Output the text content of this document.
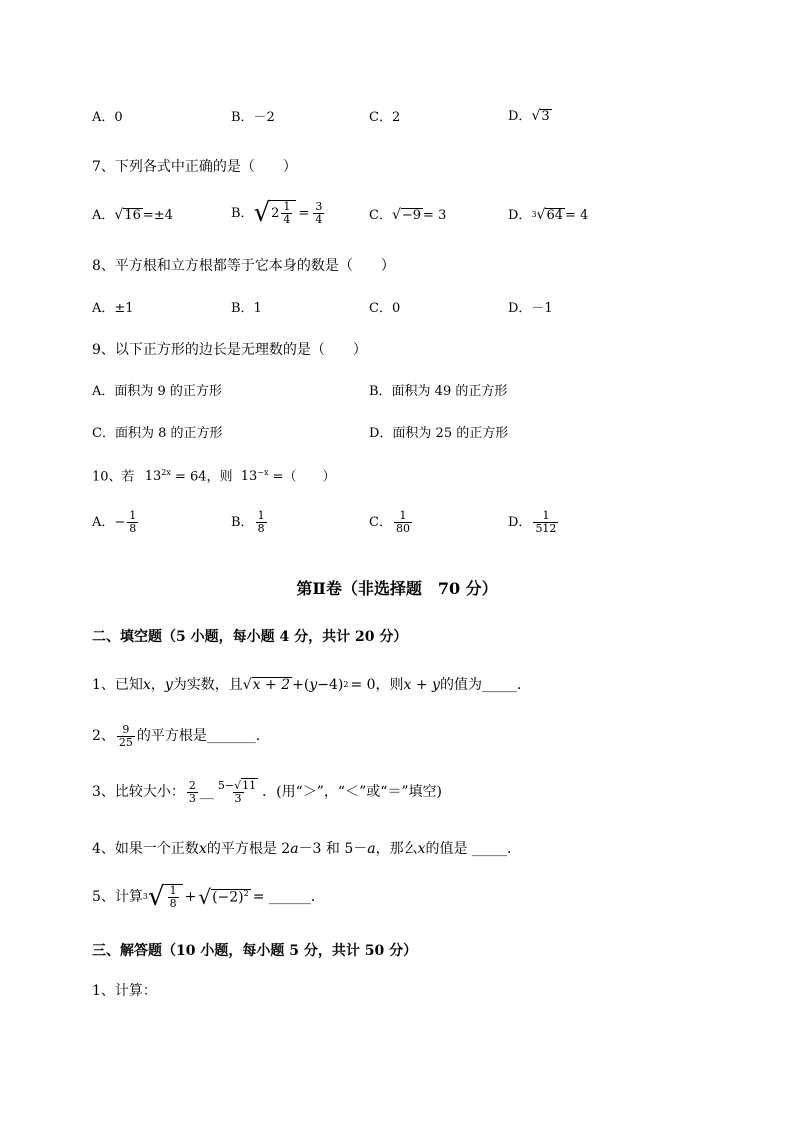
A．0	B．－2	C．2	D． √ 3
7、下列各式中正确的是（　　）
A． √ 16 =±4	B． √ $2 \frac{1}{4} = \frac{3}{4}$	C． √ −9 = 3	D． 3 √ 64 = 4
8、平方根和立方根都等于它本身的数是（　　）
A．±1	B．1	C．0	D．－1
9、以下正方形的边长是无理数的是（　　）
A．面积为 9 的正方形	B．面积为 49 的正方形
C．面积为 8 的正方形	D．面积为 25 的正方形
10、若 $13^{2x} = 64$，则 $13^{-x}$ =（　　）
A． − $\frac{1}{8}$	B． $\frac{1}{8}$	C． $\frac{1}{80}$	D． $\frac{1}{512}$
第Ⅱ卷（非选择题　70 分）
二、填空题（5 小题，每小题 4 分，共计 20 分）
1、已知 x ， y 为实数，且 √ x + 2 +( y −4) 2 = 0，则 x + y 的值为_____．
2、 $\frac{9}{25}$ 的平方根是_______．
3、比较大小： $\frac{2}{3}$ __ $\frac{5-√11}{3}$ ．(用“＞”，“＜”或“＝”填空)
4、如果一个正数x的平方根是 2a－3 和 5－a，那么x的值是 _____．
5、计算 3 √ $\frac{1}{8}$ + √ $(-2)^2$ = ______．
三、解答题（10 小题，每小题 5 分，共计 50 分）
1、计算：
